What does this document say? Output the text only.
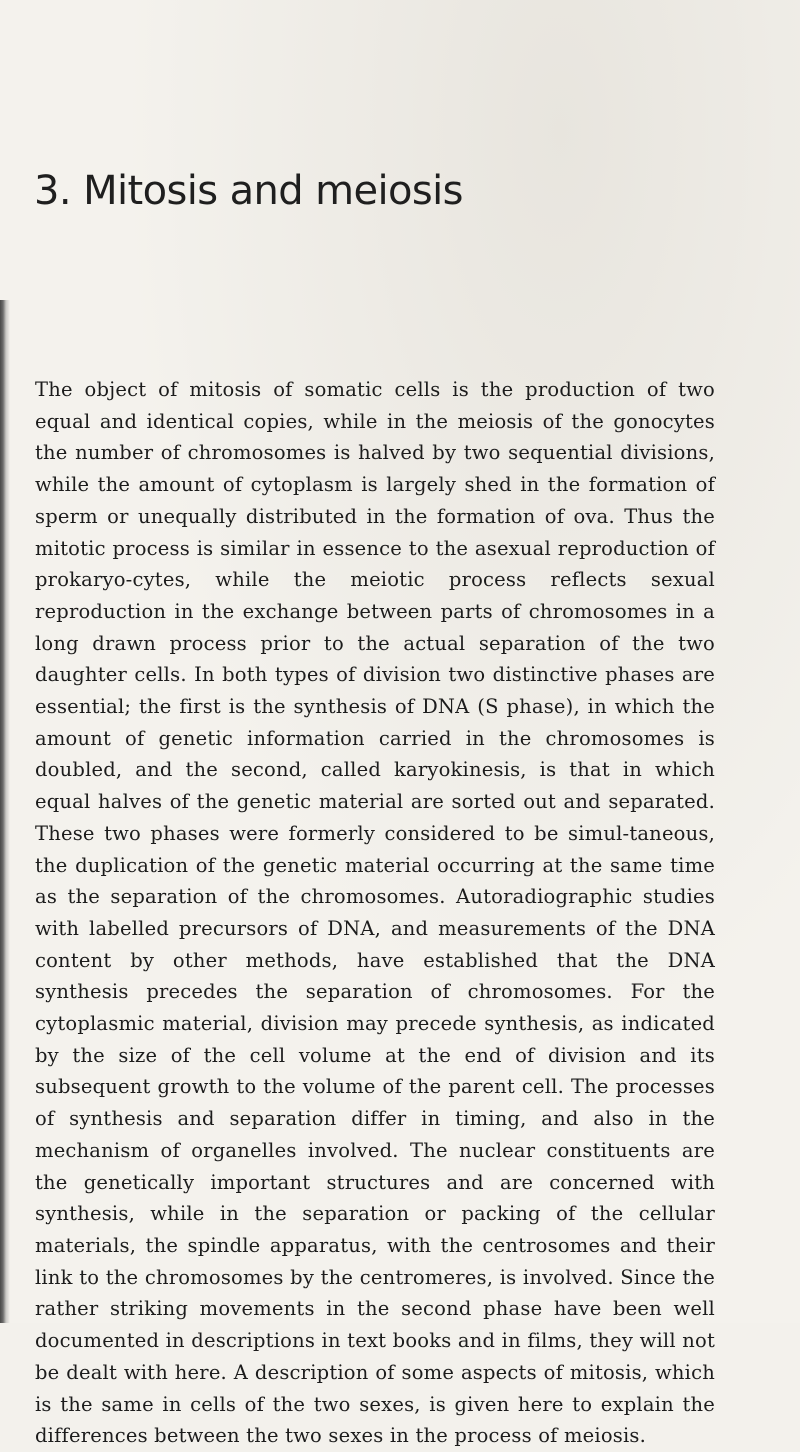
3. Mitosis and meiosis

The object of mitosis of somatic cells is the production of two equal and identical copies, while in the meiosis of the gonocytes the number of chromosomes is halved by two sequential divisions, while the amount of cytoplasm is largely shed in the formation of sperm or unequally distributed in the formation of ova. Thus the mitotic process is similar in essence to the asexual reproduction of prokaryo-cytes, while the meiotic process reflects sexual reproduction in the exchange between parts of chromosomes in a long drawn process prior to the actual separation of the two daughter cells. In both types of division two distinctive phases are essential; the first is the synthesis of DNA (S phase), in which the amount of genetic information carried in the chromosomes is doubled, and the second, called karyokinesis, is that in which equal halves of the genetic material are sorted out and separated. These two phases were formerly considered to be simul-taneous, the duplication of the genetic material occurring at the same time as the separation of the chromosomes. Autoradiographic studies with labelled precursors of DNA, and measurements of the DNA content by other methods, have established that the DNA synthesis precedes the separation of chromosomes. For the cytoplasmic material, division may precede synthesis, as indicated by the size of the cell volume at the end of division and its subsequent growth to the volume of the parent cell. The processes of synthesis and separation differ in timing, and also in the mechanism of organelles involved. The nuclear constituents are the genetically important structures and are concerned with synthesis, while in the separation or packing of the cellular materials, the spindle apparatus, with the centrosomes and their link to the chromosomes by the centromeres, is involved. Since the rather striking movements in the second phase have been well documented in descriptions in text books and in films, they will not be dealt with here. A description of some aspects of mitosis, which is the same in cells of the two sexes, is given here to explain the differences between the two sexes in the process of meiosis.
